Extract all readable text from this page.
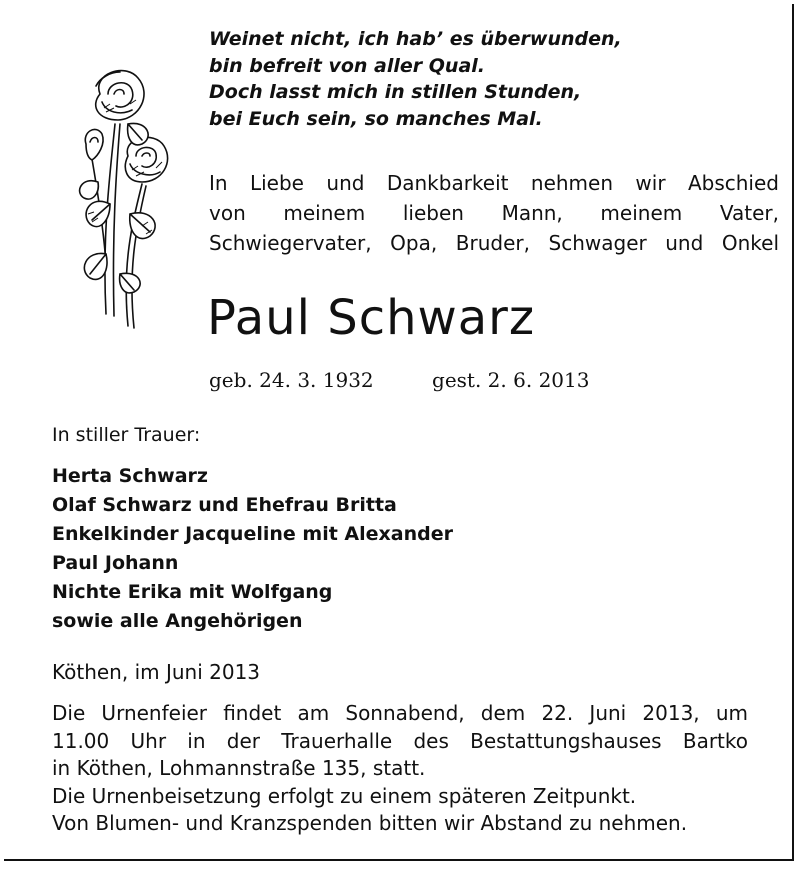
Weinet nicht, ich hab’ es überwunden,
bin befreit von aller Qual.
Doch lasst mich in stillen Stunden,
bei Euch sein, so manches Mal.
In Liebe und Dankbarkeit nehmen wir Abschied
von meinem lieben Mann, meinem Vater,
Schwiegervater, Opa, Bruder, Schwager und Onkel
Paul Schwarz
geb. 24. 3. 1932	gest. 2. 6. 2013
In stiller Trauer:
Herta Schwarz
Olaf Schwarz und Ehefrau Britta
Enkelkinder Jacqueline mit Alexander
Paul Johann
Nichte Erika mit Wolfgang
sowie alle Angehörigen
Köthen, im Juni 2013
Die Urnenfeier findet am Sonnabend, dem 22. Juni 2013, um
11.00 Uhr in der Trauerhalle des Bestattungshauses Bartko
in Köthen, Lohmannstraße 135, statt.
Die Urnenbeisetzung erfolgt zu einem späteren Zeitpunkt.
Von Blumen- und Kranzspenden bitten wir Abstand zu nehmen.
